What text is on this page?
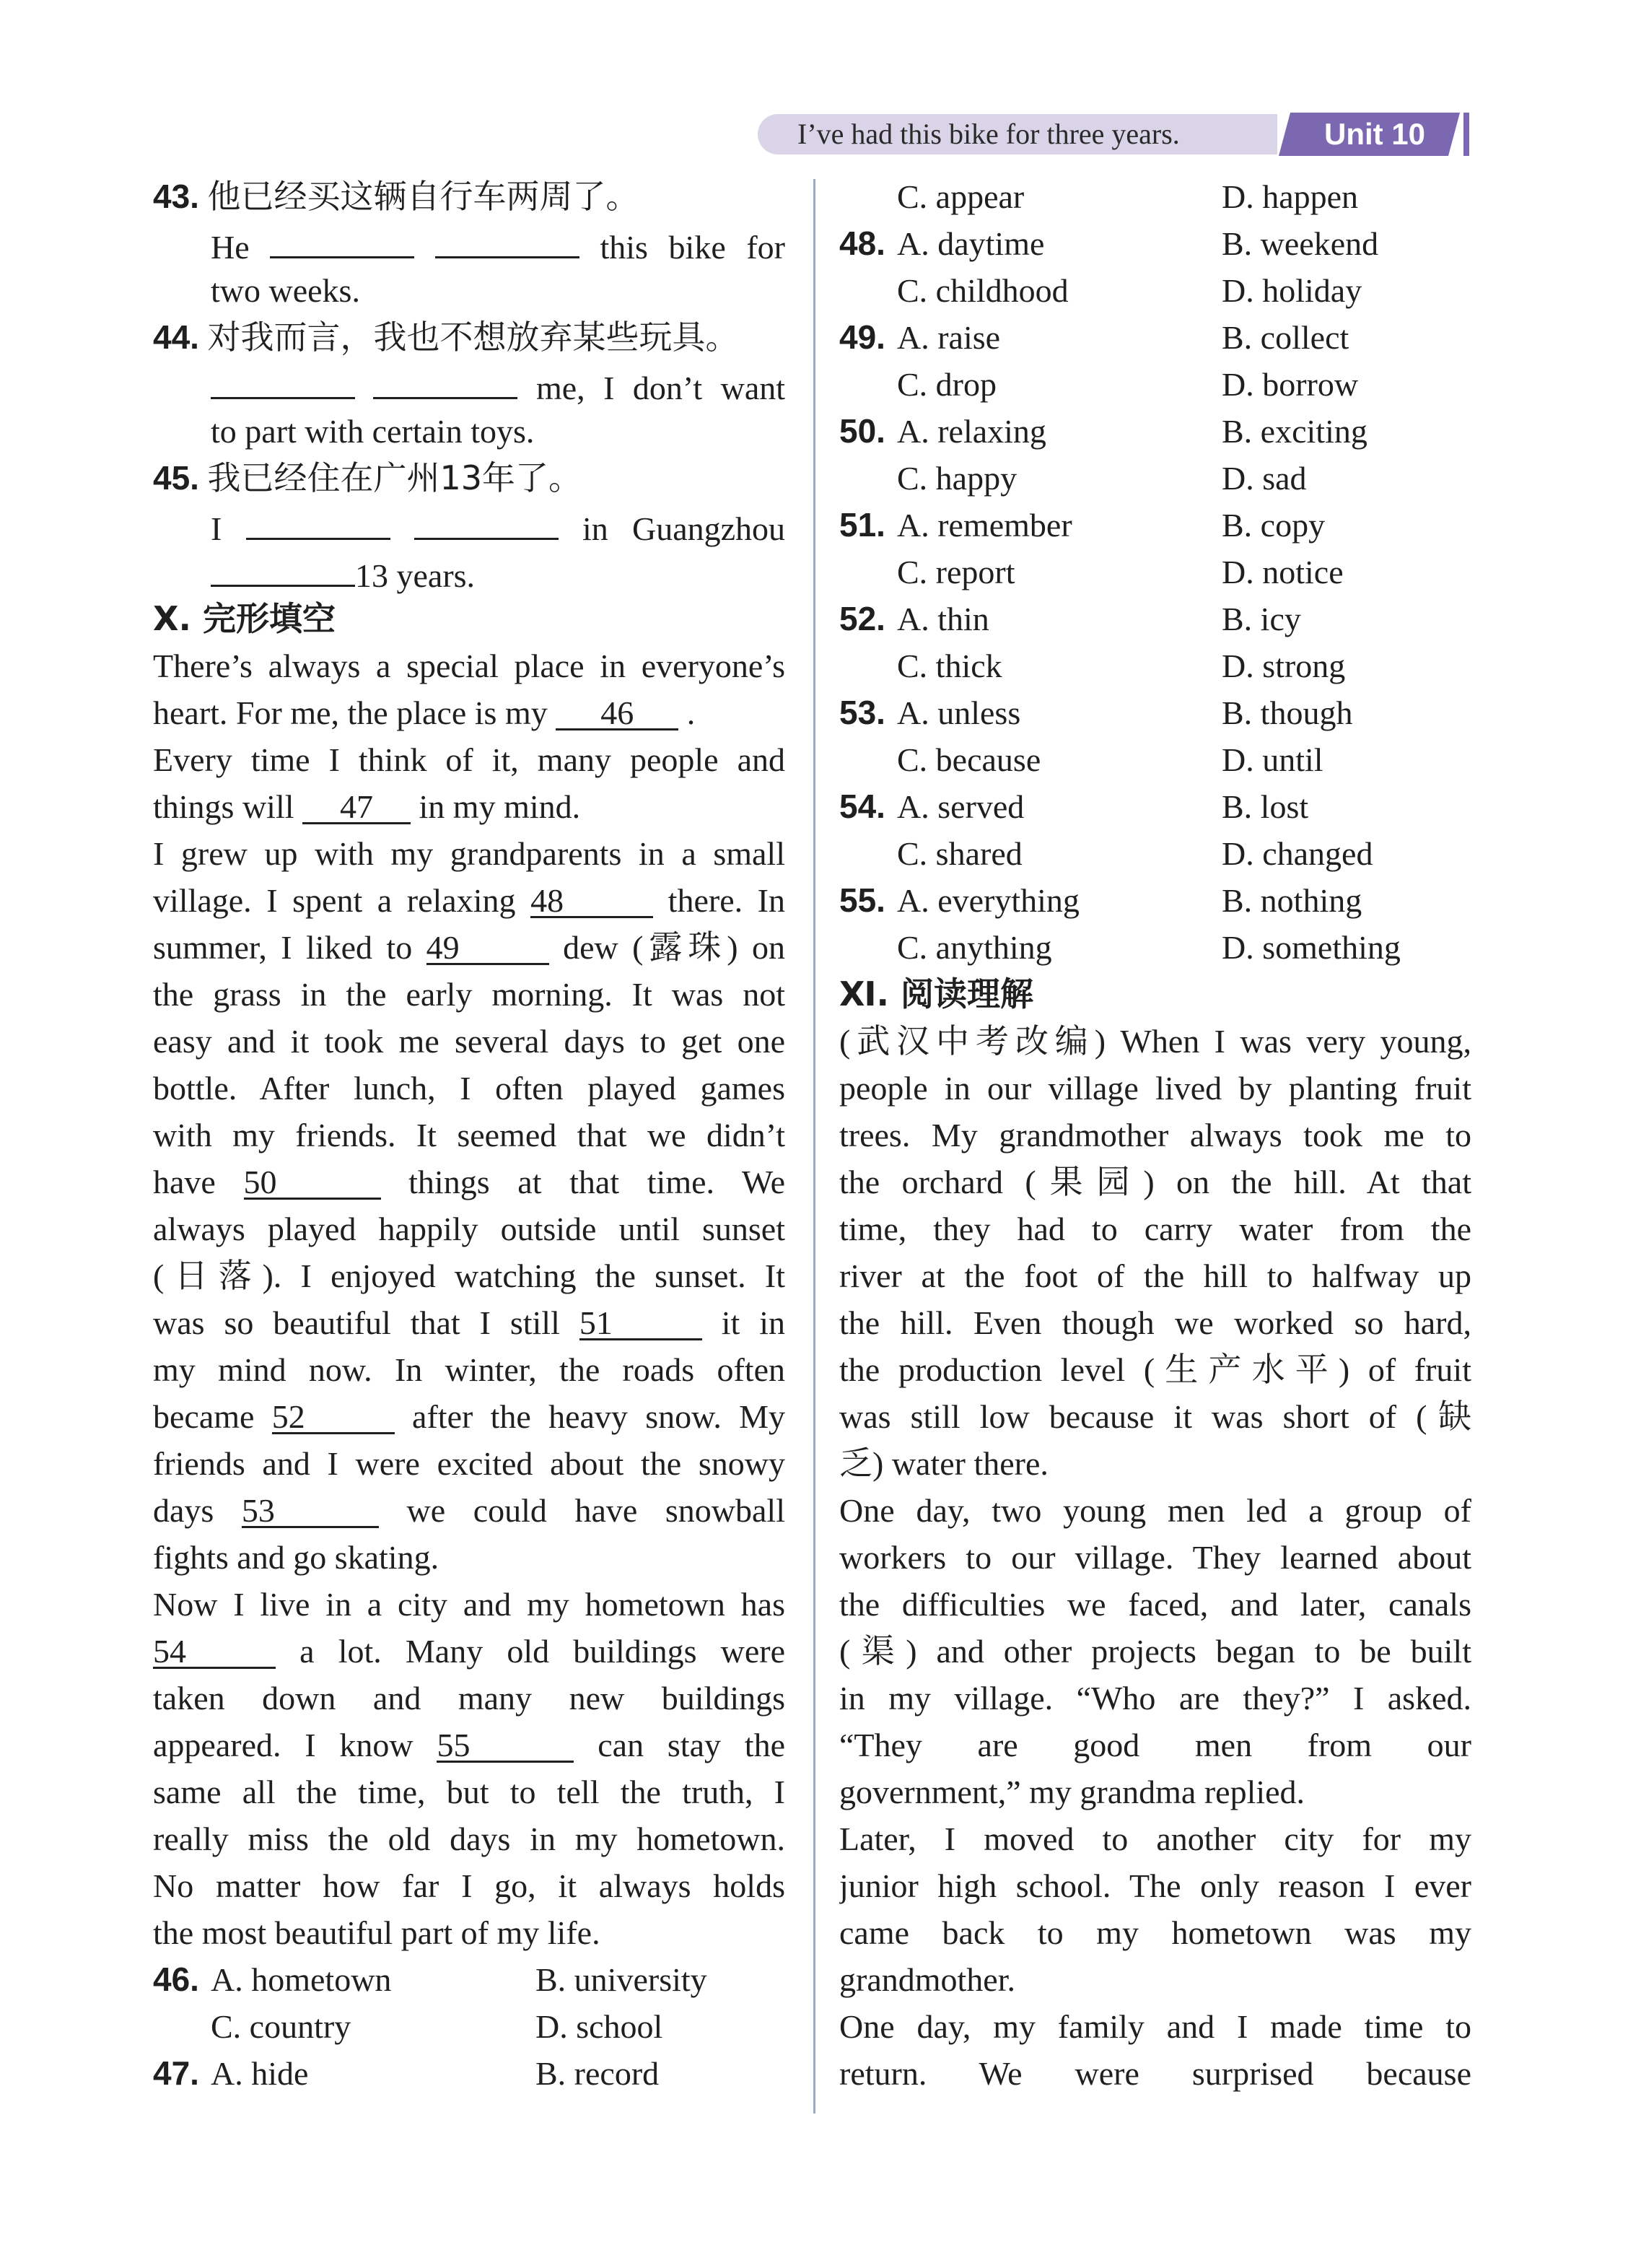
I’ve had this bike for three years.	Unit 10
43. 他已经买这辆自行车两周了。
He	this bike for
two weeks.
44. 对我而言，我也不想放弃某些玩具。
me, I don’t want
to part with certain toys.
45. 我已经住在广州13年了。
I	in Guangzhou
13 years.
Ⅹ. 完形填空
There’s always a special place in everyone’s
heart. For me, the place is my 46 .
Every time I think of it, many people and
things will 47 in my mind.
I grew up with my grandparents in a small
village. I spent a relaxing 48	there. In
summer, I liked to 49	dew (露珠) on
the grass in the early morning. It was not
easy and it took me several days to get one
bottle. After lunch, I often played games
with my friends. It seemed that we didn’t
have 50	things at that time. We
always played happily outside until sunset
(日落). I enjoyed watching the sunset. It
was so beautiful that I still 51	it in
my mind now. In winter, the roads often
became 52	after the heavy snow. My
friends and I were excited about the snowy
days 53	we could have snowball
fights and go skating.
Now I live in a city and my hometown has
54	a lot. Many old buildings were
taken down and many new buildings
appeared. I know 55	can stay the
same all the time, but to tell the truth, I
really miss the old days in my hometown.
No matter how far I go, it always holds
the most beautiful part of my life.
46. A. hometown	B. university
C. country	D. school
47. A. hide	B. record
C. appear	D. happen
48. A. daytime	B. weekend
C. childhood	D. holiday
49. A. raise	B. collect
C. drop	D. borrow
50. A. relaxing	B. exciting
C. happy	D. sad
51. A. remember	B. copy
C. report	D. notice
52. A. thin	B. icy
C. thick	D. strong
53. A. unless	B. though
C. because	D. until
54. A. served	B. lost
C. shared	D. changed
55. A. everything	B. nothing
C. anything	D. something
Ⅺ. 阅读理解
(武汉中考改编) When I was very young,
people in our village lived by planting fruit
trees. My grandmother always took me to
the orchard (果园) on the hill. At that
time, they had to carry water from the
river at the foot of the hill to halfway up
the hill. Even though we worked so hard,
the production level (生产水平) of fruit
was still low because it was short of (缺
乏) water there.
One day, two young men led a group of
workers to our village. They learned about
the difficulties we faced, and later, canals
(渠) and other projects began to be built
in my village. “Who are they?” I asked.
“They are good men from our
government,” my grandma replied.
Later, I moved to another city for my
junior high school. The only reason I ever
came back to my hometown was my
grandmother.
One day, my family and I made time to
return. We were surprised because
